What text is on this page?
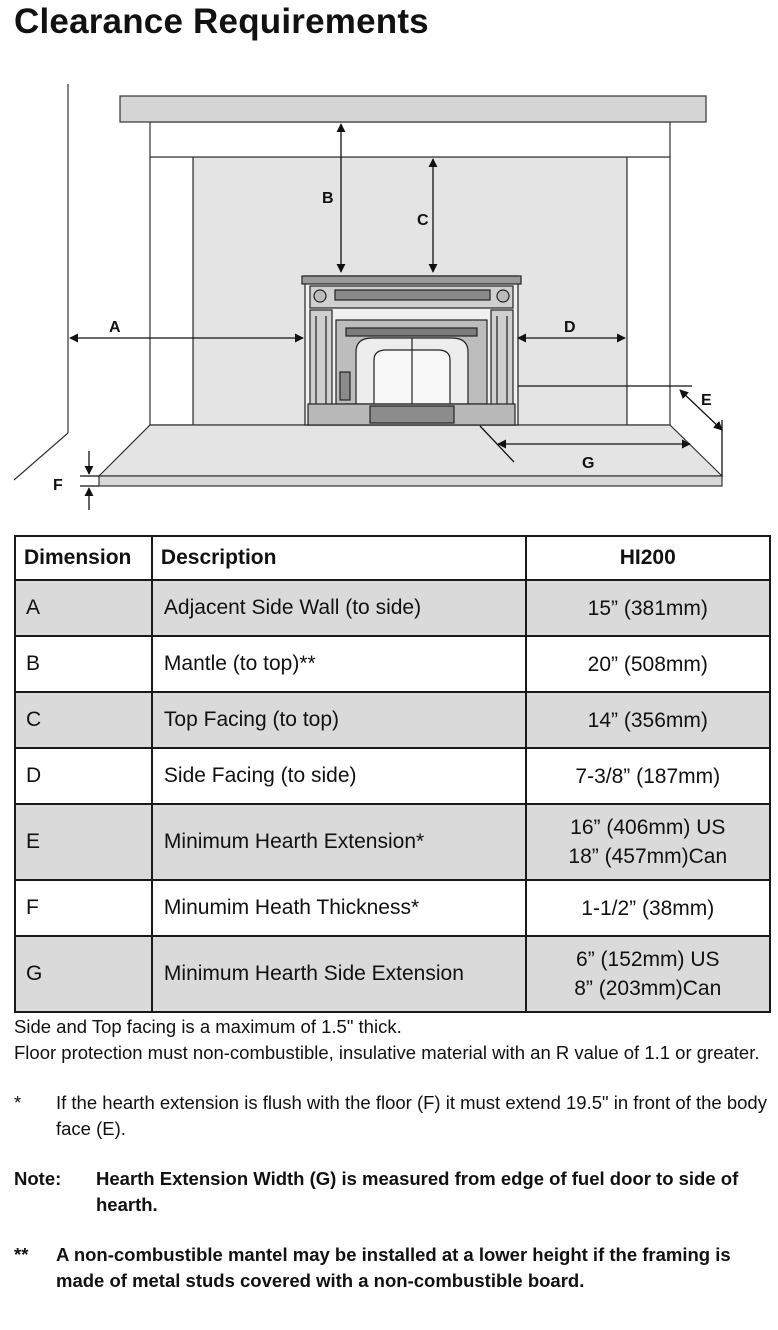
Clearance Requirements
A
B
C
D
E
F
G
Dimension	Description	HI200
A	Adjacent Side Wall (to side)	15” (381mm)

B	Mantle (to top)**	20” (508mm)

C	Top Facing (to top)	14” (356mm)

D	Side Facing (to side)	7-3/8” (187mm)

E	Minimum Hearth Extension*	16” (406mm) US
18” (457mm)Can

F	Minumim Heath Thickness*	1-1/2” (38mm)

G	Minimum Hearth Side Extension	6” (152mm) US
8” (203mm)Can

Side and Top facing is a maximum of 1.5" thick.

Floor protection must non-combustible, insulative material with an R value of 1.1 or greater.

*	If the hearth extension is flush with the floor (F) it must extend 19.5" in front of the body face (E).
Note:	Hearth Extension Width (G) is measured from edge of fuel door to side of hearth.
**	A non-combustible mantel may be installed at a lower height if the framing is made of metal studs covered with a non-combustible board.
